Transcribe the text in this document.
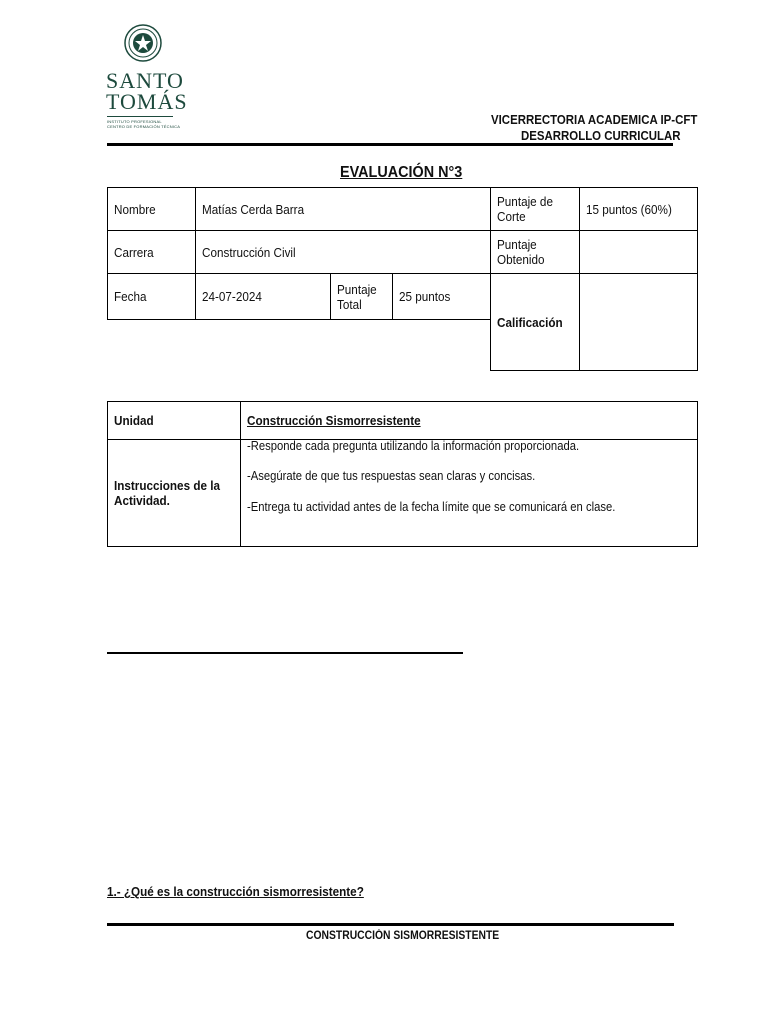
SANTO
TOMÁS
INSTITUTO PROFESIONAL
CENTRO DE FORMACIÓN TÉCNICA	VICERRECTORIA ACADEMICA IP-CFT
DESARROLLO CURRICULAR
EVALUACIÓN N°3
Nombre	Matías Cerda Barra	Puntaje de Corte	15 puntos (60%)
Carrera	Construcción Civil	Puntaje Obtenido
Fecha	24-07-2024	Puntaje Total	25 puntos
Calificación
Unidad	Construcción Sismorresistente
Instrucciones de la Actividad.
-Responde cada pregunta utilizando la información proporcionada.
-Asegúrate de que tus respuestas sean claras y concisas.
-Entrega tu actividad antes de la fecha límite que se comunicará en clase.
1.- ¿Qué es la construcción sismorresistente?
CONSTRUCCIÓN SISMORRESISTENTE
